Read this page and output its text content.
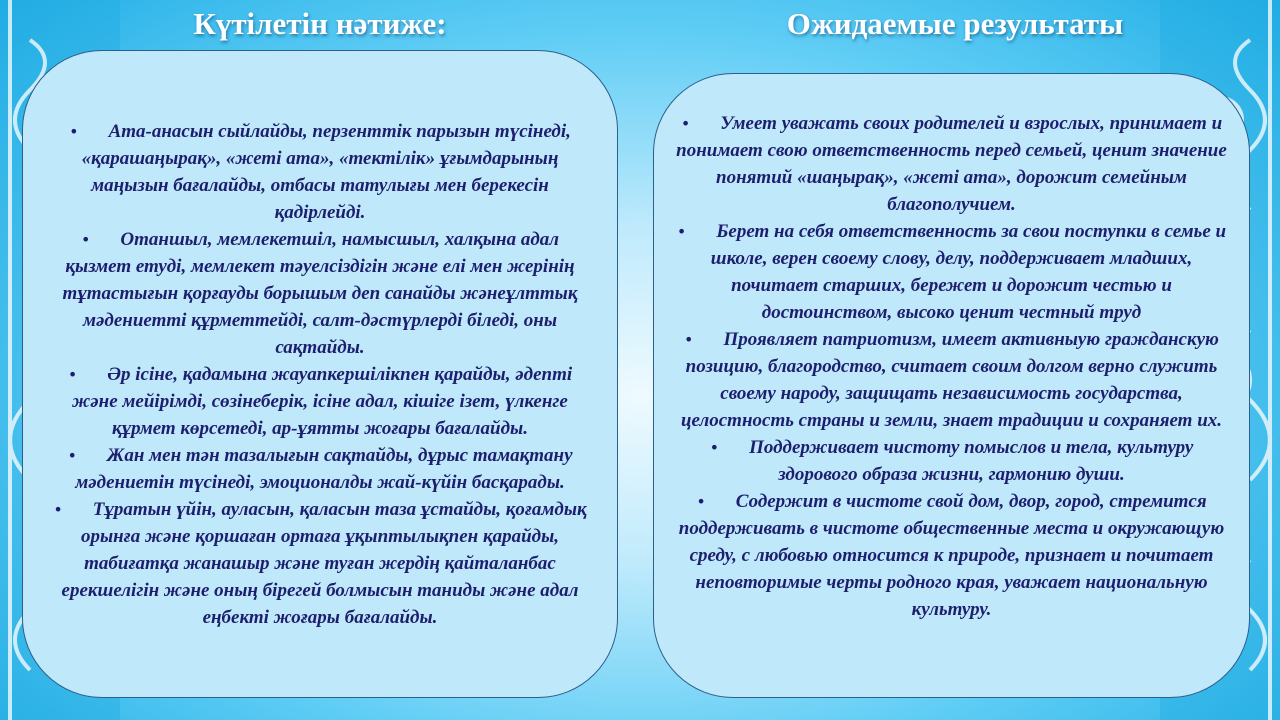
Күтілетін нәтиже:	Ожидаемые результаты
• Ата-анасын сыйлайды, перзенттік парызын түсінеді, «қарашаңырақ», «жеті ата», «тектілік» ұғымдарының маңызын бағалайды, отбасы татулығы мен берекесін қадірлейді.
• Отаншыл, мемлекетшіл, намысшыл, халқына адал қызмет етуді, мемлекет тәуелсіздігін және елі мен жерінің тұтастығын қорғауды борышым деп санайды жәнеұлттық мәдениетті құрметтейді, салт-дәстүрлерді біледі, оны сақтайды.
• Әр ісіне, қадамына жауапкершілікпен қарайды, әдепті және мейірімді, сөзінеберік, ісіне адал, кішіге ізет, үлкенге құрмет көрсетеді, ар-ұятты жоғары бағалайды.
• Жан мен тән тазалығын сақтайды, дұрыс тамақтану мәдениетін түсінеді, эмоционалды жай-күйін басқарады.
• Тұратын үйін, ауласын, қаласын таза ұстайды, қоғамдық орынға және қоршаған ортаға ұқыптылықпен қарайды, табиғатқа жанашыр және туған жердің қайталанбас ерекшелігін және оның бірегей болмысын таниды және адал еңбекті жоғары бағалайды.
• Умеет уважать своих родителей и взрослых, принимает и понимает свою ответственность перед семьей, ценит значение понятий «шаңырақ», «жеті ата», дорожит семейным благополучием.
• Берет на себя ответственность за свои поступки в семье и школе, верен своему слову, делу, поддерживает младших, почитает старших, бережет и дорожит честью и достоинством, высоко ценит честный труд
• Проявляет патриотизм, имеет активныую гражданскую позицию, благородство, считает своим долгом верно служить своему народу, защищать независимость государства, целостность страны и земли, знает традиции и сохраняет их.
• Поддерживает чистоту помыслов и тела, культуру здорового образа жизни, гармонию души.
• Содержит в чистоте свой дом, двор, город, стремится поддерживать в чистоте общественные места и окружающую среду, с любовью относится к природе, признает и почитает неповторимые черты родного края, уважает национальную культуру.
